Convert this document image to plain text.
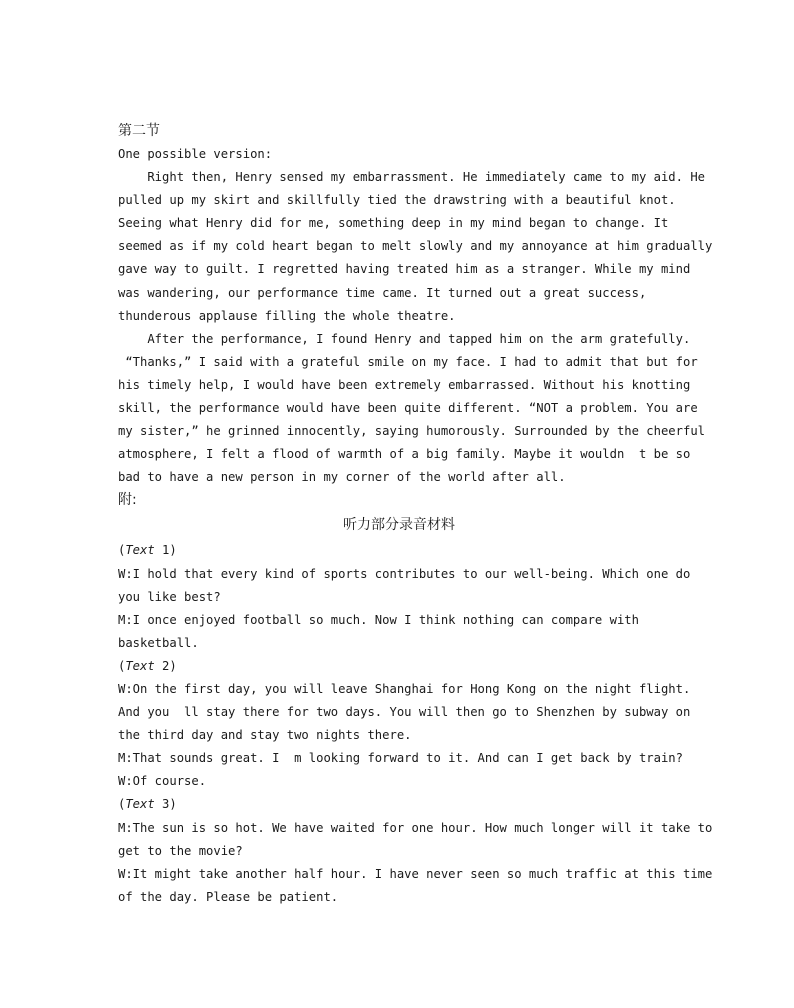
第二节
One possible version:
Right then, Henry sensed my embarrassment. He immediately came to my aid. He
pulled up my skirt and skillfully tied the drawstring with a beautiful knot.
Seeing what Henry did for me, something deep in my mind began to change. It
seemed as if my cold heart began to melt slowly and my annoyance at him gradually
gave way to guilt. I regretted having treated him as a stranger. While my mind
was wandering, our performance time came. It turned out a great success,
thunderous applause filling the whole theatre.
After the performance, I found Henry and tapped him on the arm gratefully.
“Thanks,” I said with a grateful smile on my face. I had to admit that but for
his timely help, I would have been extremely embarrassed. Without his knotting
skill, the performance would have been quite different. “NOT a problem. You are
my sister,” he grinned innocently, saying humorously. Surrounded by the cheerful
atmosphere, I felt a flood of warmth of a big family. Maybe it wouldn  t be so
bad to have a new person in my corner of the world after all.
附:
听力部分录音材料
(Text 1)
W:I hold that every kind of sports contributes to our well-being. Which one do
you like best?
M:I once enjoyed football so much. Now I think nothing can compare with
basketball.
(Text 2)
W:On the first day, you will leave Shanghai for Hong Kong on the night flight.
And you  ll stay there for two days. You will then go to Shenzhen by subway on
the third day and stay two nights there.
M:That sounds great. I  m looking forward to it. And can I get back by train?
W:Of course.
(Text 3)
M:The sun is so hot. We have waited for one hour. How much longer will it take to
get to the movie?
W:It might take another half hour. I have never seen so much traffic at this time
of the day. Please be patient.
